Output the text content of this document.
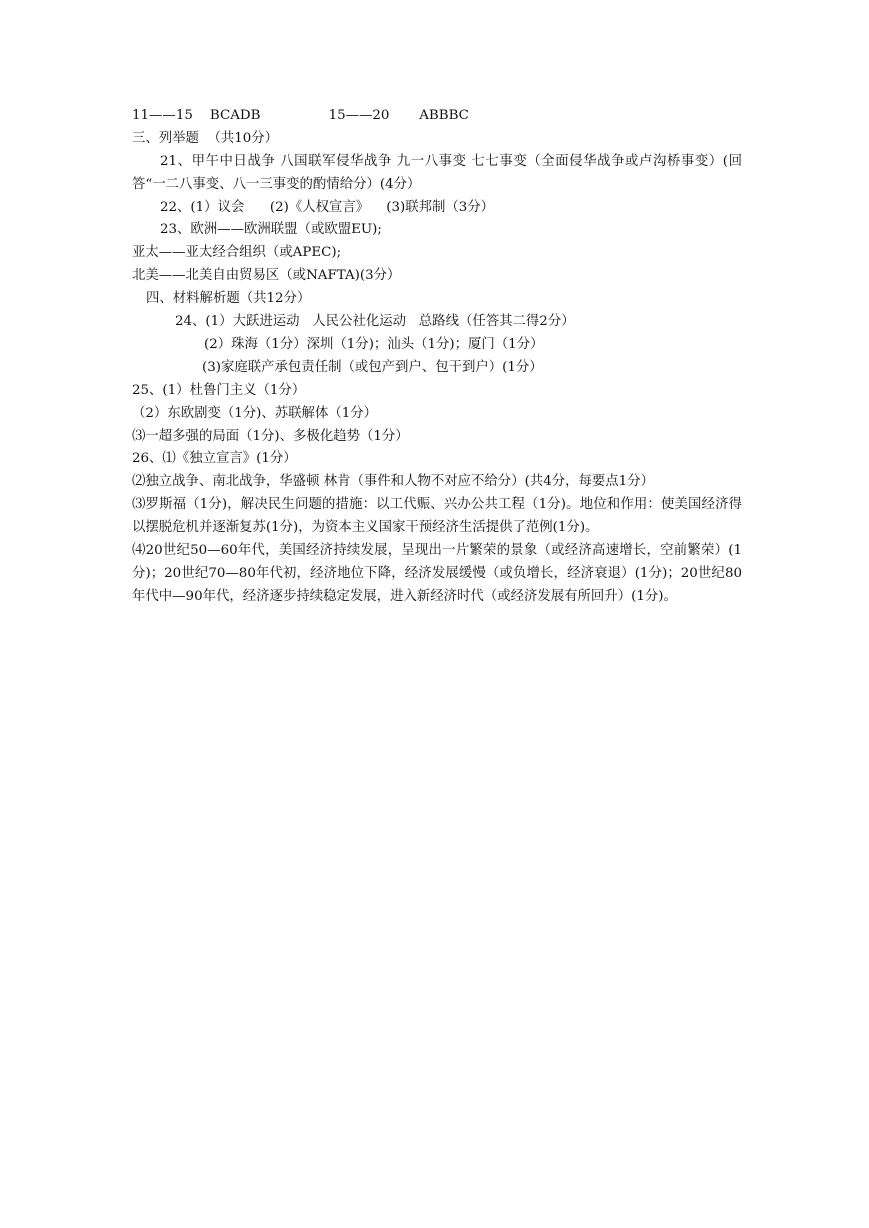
11——15    BCADB                15——20       ABBBC
三、列举题  （共10分）
21、甲午中日战争 八国联军侵华战争 九一八事变 七七事变（全面侵华战争或卢沟桥事变）(回答“一二八事变、八一三事变的酌情给分）(4分）
22、(1）议会      (2)《人权宣言》    (3)联邦制（3分）
23、欧洲——欧洲联盟（或欧盟EU);
亚太——亚太经合组织（或APEC);
北美——北美自由贸易区（或NAFTA)(3分）
四、材料解析题（共12分）
24、(1）大跃进运动   人民公社化运动   总路线（任答其二得2分）
(2）珠海（1分）深圳（1分)；汕头（1分)；厦门（1分）
(3)家庭联产承包责任制（或包产到户、包干到户）(1分）
25、(1）杜鲁门主义（1分）
（2）东欧剧变（1分)、苏联解体（1分）
⑶一超多强的局面（1分)、多极化趋势（1分）
26、⑴《独立宣言》(1分）
⑵独立战争、南北战争，华盛顿 林肯（事件和人物不对应不给分）(共4分，每要点1分）
⑶罗斯福（1分)，解决民生问题的措施：以工代赈、兴办公共工程（1分)。地位和作用：使美国经济得以摆脱危机并逐渐复苏(1分)，为资本主义国家干预经济生活提供了范例(1分)。
⑷20世纪50—60年代，美国经济持续发展，呈现出一片繁荣的景象（或经济高速增长，空前繁荣）(1分)；20世纪70—80年代初，经济地位下降，经济发展缓慢（或负增长，经济衰退）(1分)；20世纪80年代中—90年代，经济逐步持续稳定发展，进入新经济时代（或经济发展有所回升）(1分)。
